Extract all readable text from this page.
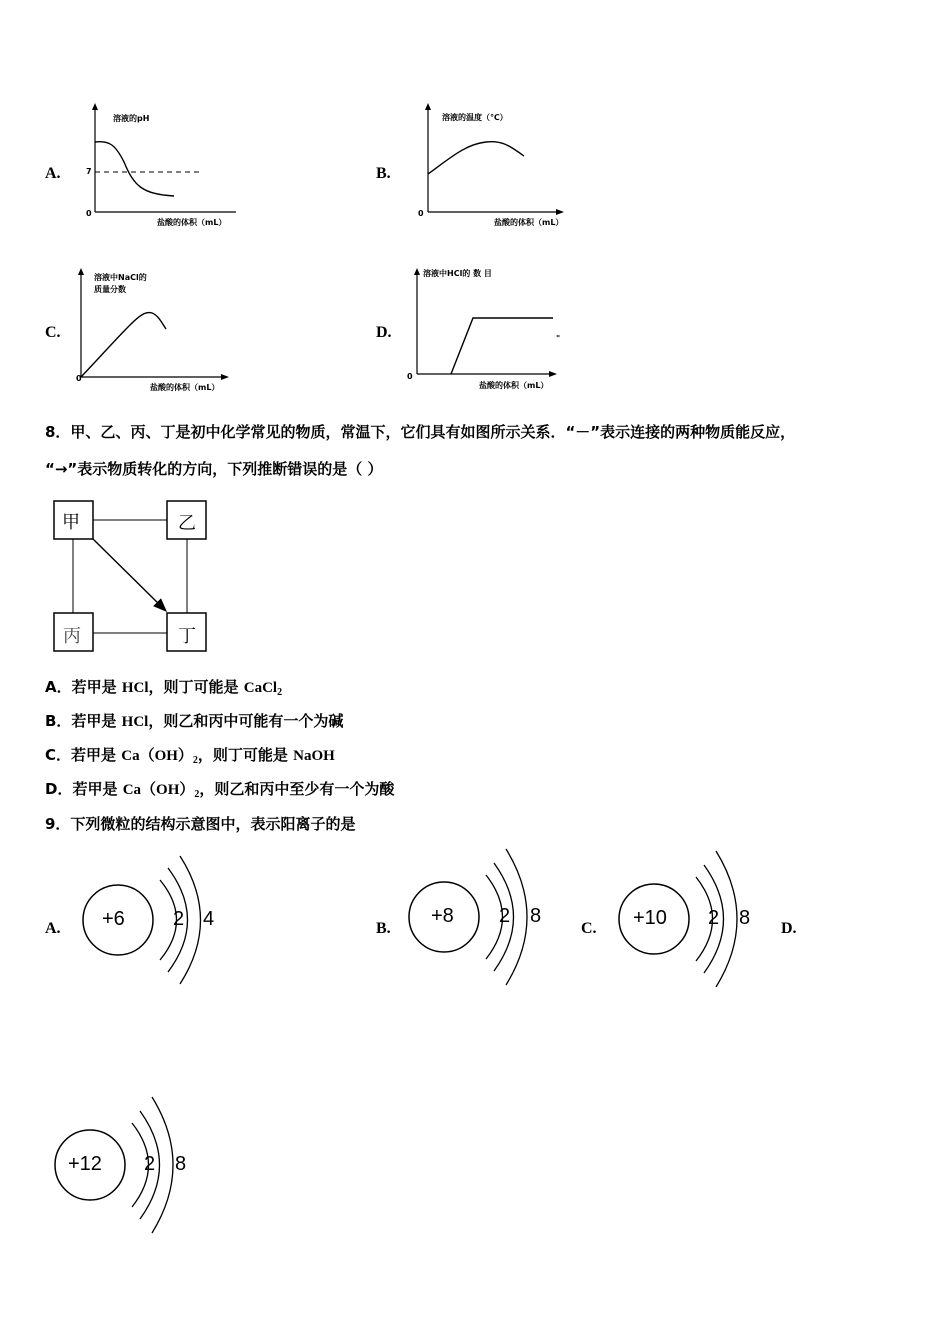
A.
溶液的pH
7
0
盐酸的体积（mL）
B.
溶液的温度（℃）
0
盐酸的体积（mL）
C.
溶液中NaCl的
质量分数
0
盐酸的体积（mL）
D.
溶液中HCl的 数 目
0
盐酸的体积（mL）
"
8．甲、乙、丙、丁是初中化学常见的物质，常温下，它们具有如图所示关系．“－”表示连接的两种物质能反应，
“→”表示物质转化的方向，下列推断错误的是（ ）
甲	乙
丙	丁
A．若甲是 HCl，则丁可能是 CaCl$_2$
B．若甲是 HCl，则乙和丙中可能有一个为碱
C．若甲是 $Ca(OH)_2$，则丁可能是 NaOH
D．若甲是 $Ca(OH)_2$，则乙和丙中至少有一个为酸
9．下列微粒的结构示意图中，表示阳离子的是
A. +6 2 4	B.
+8 2 8
C. +10 2 8 D.
+12 2 8
